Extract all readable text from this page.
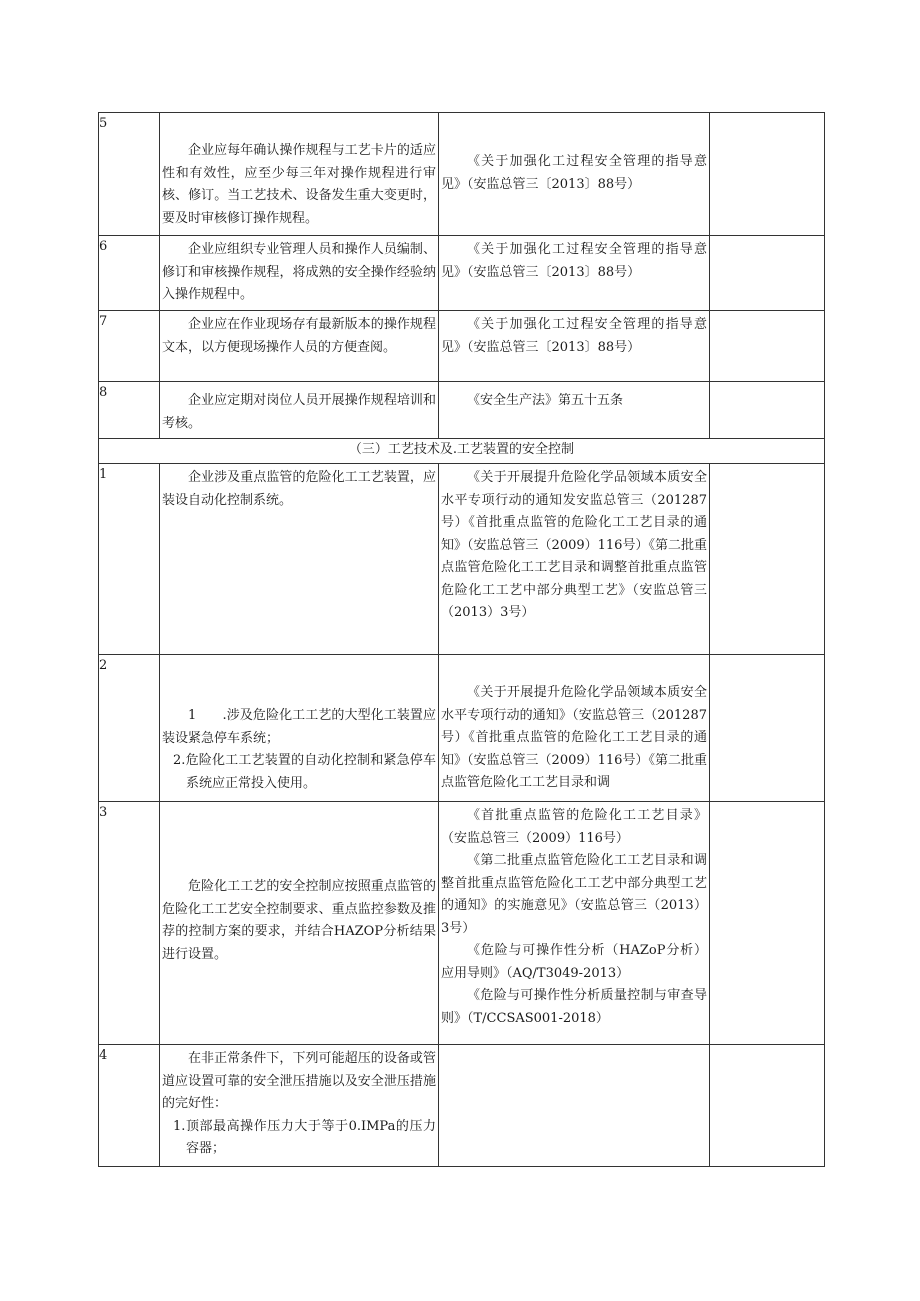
5	企业应每年确认操作规程与工艺卡片的适应性和有效性，应至少每三年对操作规程进行审核、修订。当工艺技术、设备发生重大变更时，要及时审核修订操作规程。	《关于加强化工过程安全管理的指导意见》（安监总管三〔2013〕88号）	

6	企业应组织专业管理人员和操作人员编制、修订和审核操作规程，将成熟的安全操作经验纳入操作规程中。	《关于加强化工过程安全管理的指导意见》（安监总管三〔2013〕88号）	

7	企业应在作业现场存有最新版本的操作规程文本，以方便现场操作人员的方便查阅。	《关于加强化工过程安全管理的指导意见》（安监总管三〔2013〕88号）	

8	企业应定期对岗位人员开展操作规程培训和考核。	《安全生产法》第五十五条	

（三）工艺技术及.工艺装置的安全控制			
1	企业涉及重点监管的危险化工工艺装置，应装设自动化控制系统。	《关于开展提升危险化学品领域本质安全水平专项行动的通知发安监总管三（201287号）《首批重点监管的危险化工工艺目录的通知》（安监总管三（2009）116号）《第二批重点监管危险化工工艺目录和调整首批重点监管危险化工工艺中部分典型工艺》（安监总管三（2013）3号）	

2	1　　.涉及危险化工工艺的大型化工装置应装设紧急停车系统；
2.危险化工工艺装置的自动化控制和紧急停车系统应正常投入使用。	《关于开展提升危险化学品领域本质安全水平专项行动的通知》（安监总管三（201287号）《首批重点监管的危险化工工艺目录的通知》（安监总管三（2009）116号）《第二批重点监管危险化工工艺目录和调	

3	危险化工工艺的安全控制应按照重点监管的危险化工工艺安全控制要求、重点监控参数及推荐的控制方案的要求，并结合HAZOP分析结果进行设置。	《首批重点监管的危险化工工艺目录》（安监总管三（2009）116号）
《第二批重点监管危险化工工艺目录和调整首批重点监管危险化工工艺中部分典型工艺的通知》的实施意见》（安监总管三（2013）3号）
《危险与可操作性分析（HAZoP分析）应用导则》（AQ/T3049-2013）
《危险与可操作性分析质量控制与审查导则》（T/CCSAS001-2018）	

4	在非正常条件下，下列可能超压的设备或管道应设置可靠的安全泄压措施以及安全泄压措施的完好性：
1.顶部最高操作压力大于等于0.IMPa的压力容器；		
